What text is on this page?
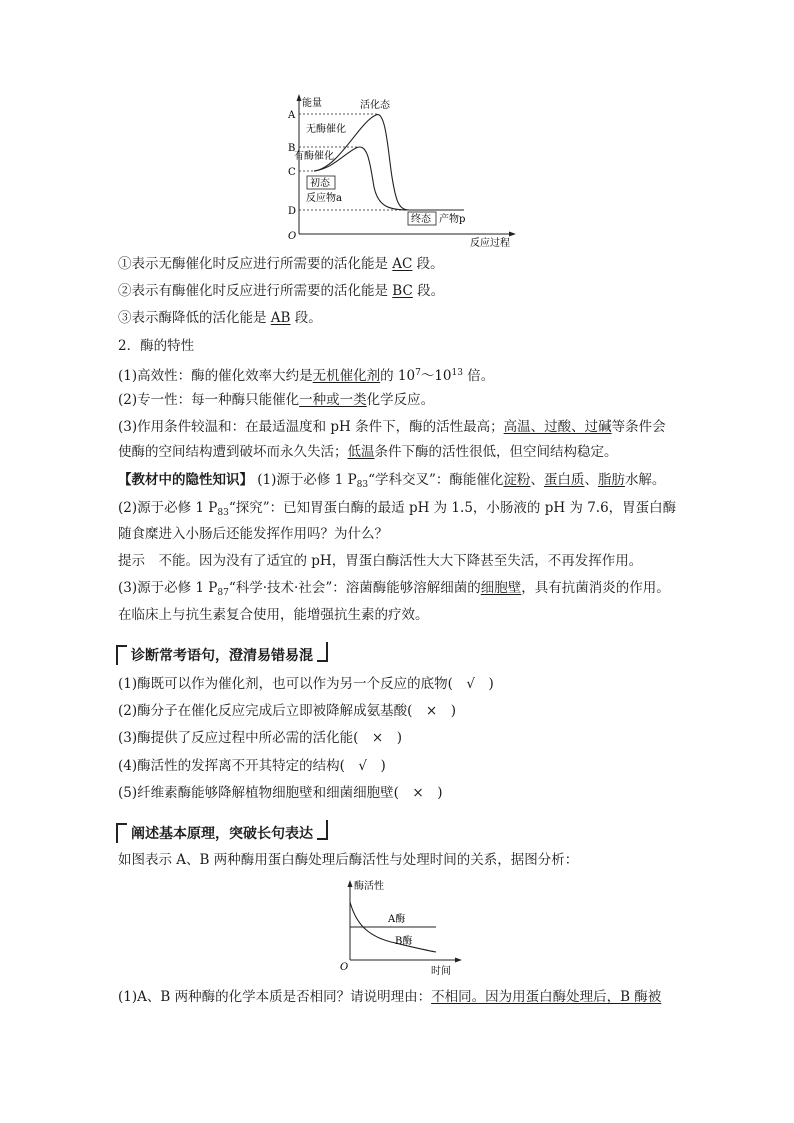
能量
反应过程
O
A
B
C
D
活化态
无酶催化
有酶催化
初态
反应物a
终态 产物p
①表示无酶催化时反应进行所需要的活化能是 AC 段。
②表示有酶催化时反应进行所需要的活化能是 BC 段。
③表示酶降低的活化能是 AB 段。
2．酶的特性
(1)高效性：酶的催化效率大约是无机催化剂的 $10^7\sim 10^{13}$ 倍。
(2)专一性：每一种酶只能催化一种或一类化学反应。
(3)作用条件较温和：在最适温度和 pH 条件下，酶的活性最高；高温、过酸、过碱等条件会
使酶的空间结构遭到破坏而永久失活；低温条件下酶的活性很低，但空间结构稳定。
【教材中的隐性知识】 (1)源于必修 1 $P_{83}“$学科交叉”：酶能催化淀粉、蛋白质、脂肪水解。
(2)源于必修 1 $P_{83}“$探究”：已知胃蛋白酶的最适 pH 为 1.5，小肠液的 pH 为 7.6，胃蛋白酶
随食糜进入小肠后还能发挥作用吗？为什么？
提示　不能。因为没有了适宜的 pH，胃蛋白酶活性大大下降甚至失活，不再发挥作用。
(3)源于必修 1 $P_{87}“$科学·技术·社会”：溶菌酶能够溶解细菌的细胞壁，具有抗菌消炎的作用。
在临床上与抗生素复合使用，能增强抗生素的疗效。
诊断常考语句，澄清易错易混
(1)酶既可以作为催化剂，也可以作为另一个反应的底物(　√　)
(2)酶分子在催化反应完成后立即被降解成氨基酸(　×　)
(3)酶提供了反应过程中所必需的活化能(　×　)
(4)酶活性的发挥离不开其特定的结构(　√　)
(5)纤维素酶能够降解植物细胞壁和细菌细胞壁(　×　)
阐述基本原理，突破长句表达
如图表示 A、B 两种酶用蛋白酶处理后酶活性与处理时间的关系，据图分析：
酶活性
时间
O
A酶
B酶
(1)A、B 两种酶的化学本质是否相同？请说明理由：不相同。因为用蛋白酶处理后，B 酶被
